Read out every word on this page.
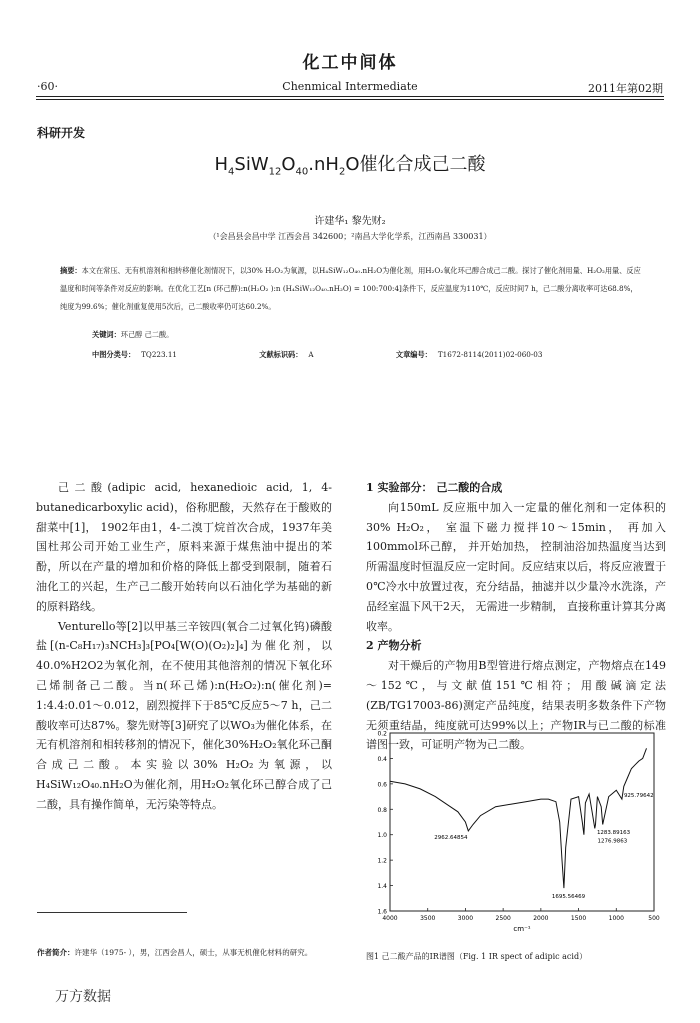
化工中间体
·60·	Chenmical Intermediate	2011年第02期
科研开发
$H_4SiW_{12}O_{40}.nH_2O$催化合成己二酸
许建华₁ 黎先财₂
（¹会昌县会昌中学 江西会昌 342600；²南昌大学化学系，江西南昌 330031）
摘要：本文在常压、无有机溶剂和相转移催化剂情况下，以30% H₂O₂为氧源，以H₄SiW₁₂O₄₀.nH₂O为催化剂，用H₂O₂氧化环己醇合成己二酸。探讨了催化剂用量、H₂O₂用量、反应温度和时间等条件对反应的影响。在优化工艺[n (环己醇):n(H₂O₂ ):n (H₄SiW₁₂O₄₀.nH₂O) = 100:700:4]条件下，反应温度为110℃，反应时间7 h，己二酸分离收率可达68.8%，纯度为99.6%；催化剂重复使用5次后，己二酸收率仍可达60.2%。
关键词：环己醇 己二酸。
中图分类号： TQ223.11	文献标识码： A	文章编号： T1672-8114(2011)02-060-03

己二酸(adipic acid, hexanedioic acid, 1, 4-butanedicarboxylic acid)，俗称肥酸，天然存在于酸败的甜菜中[1]， 1902年由1，4-二溴丁烷首次合成，1937年美国杜邦公司开始工业生产，原料来源于煤焦油中提出的苯酚，所以在产量的增加和价格的降低上都受到限制，随着石油化工的兴起，生产己二酸开始转向以石油化学为基础的新的原料路线。

Venturello等[2]以甲基三辛铵四(氧合二过氧化钨)磷酸盐[(n-C₈H₁₇)₃NCH₃]₃[PO₄[W(O)(O₂)₂]₄]为催化剂，以40.0%H2O2为氧化剂，在不使用其他溶剂的情况下氧化环己烯制备己二酸。当n(环己烯):n(H₂O₂):n(催化剂)= 1:4.4:0.01～0.012，剧烈搅拌下于85℃反应5～7 h，己二酸收率可达87%。黎先财等[3]研究了以WO₃为催化体系，在无有机溶剂和相转移剂的情况下，催化30%H₂O₂氧化环己酮合成己二酸。本实验以30% H₂O₂为氧源，以H₄SiW₁₂O₄₀.nH₂O为催化剂，用H₂O₂氧化环己醇合成了己二酸，具有操作简单，无污染等特点。

1 实验部分： 己二酸的合成

向150mL 反应瓶中加入一定量的催化剂和一定体积的30% H₂O₂， 室温下磁力搅拌10～15min， 再加入100mmol环己醇， 并开始加热， 控制油浴加热温度当达到所需温度时恒温反应一定时间。反应结束以后，将反应液置于0℃冷水中放置过夜，充分结晶，抽滤并以少量冷水洗涤，产品经室温下风干2天， 无需进一步精制， 直接称重计算其分离收率。

2 产物分析

对干燥后的产物用B型管进行熔点测定，产物熔点在149～152℃，与文献值151℃相符；用酸碱滴定法(ZB/TG17003-86)测定产品纯度，结果表明多数条件下产物无须重结晶，纯度就可达99%以上；产物IR与已二酸的标准谱图一致，可证明产物为己二酸。

0.2
0.4
0.6
0.8
1.0
1.2
1.4
1.6
4000	3500	3000	2500	2000	1500	1000	500
2962.64854
1695.56469
1283.89163
1276.9863
925.79642
cm⁻¹
作者简介：许建华（1975- ），男，江西会昌人，硕士，从事无机催化材料的研究。	图1 己二酸产品的IR谱图（Fig. 1 IR spect of adipic acid）
万方数据
